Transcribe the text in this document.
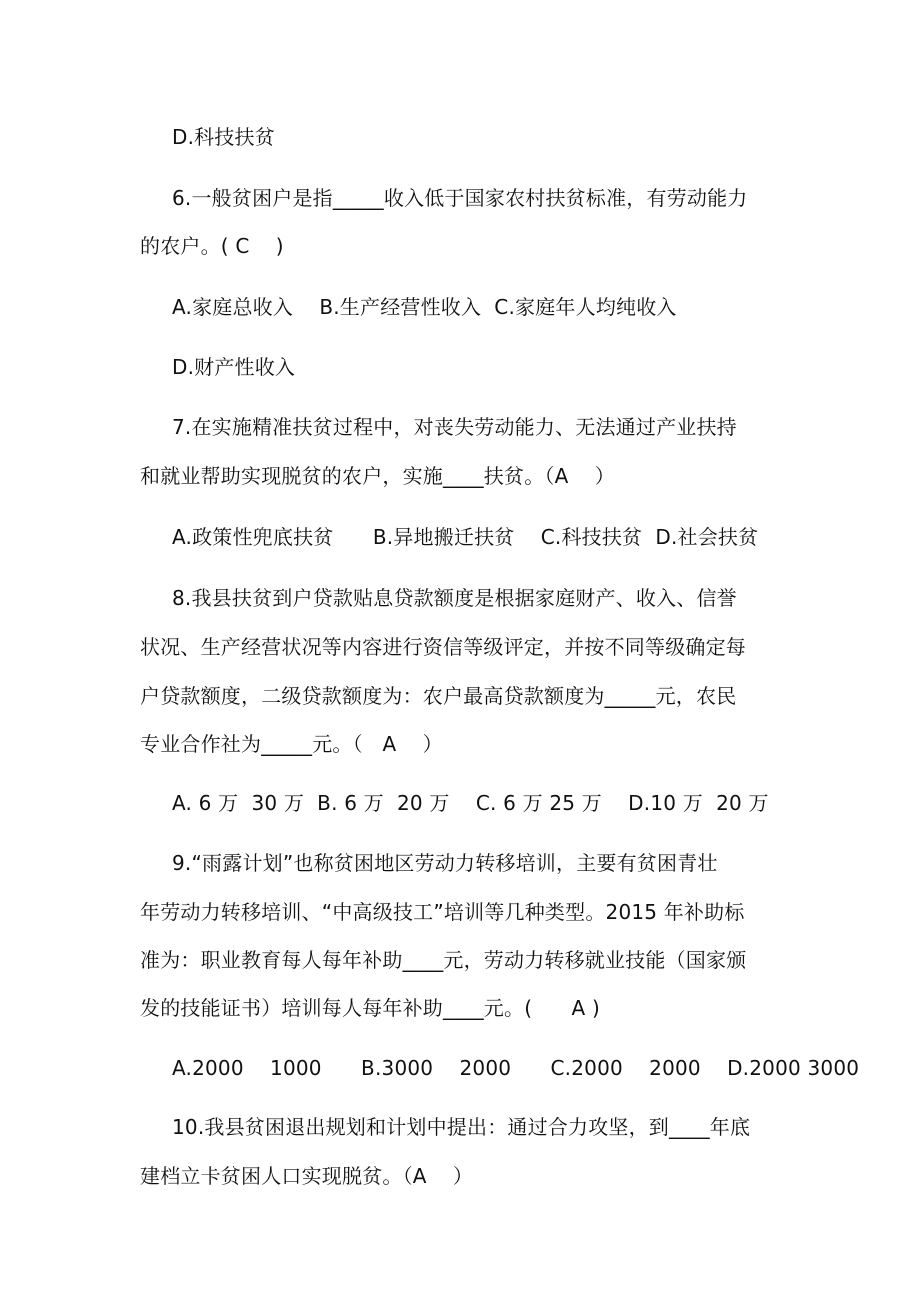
D.科技扶贫
6.一般贫困户是指_____收入低于国家农村扶贫标准，有劳动能力
的农户。( C    )
A.家庭总收入    B.生产经营性收入  C.家庭年人均纯收入
D.财产性收入
7.在实施精准扶贫过程中，对丧失劳动能力、无法通过产业扶持
和就业帮助实现脱贫的农户，实施____扶贫。（A    ）
A.政策性兜底扶贫      B.异地搬迁扶贫    C.科技扶贫  D.社会扶贫
8.我县扶贫到户贷款贴息贷款额度是根据家庭财产、收入、信誉
状况、生产经营状况等内容进行资信等级评定，并按不同等级确定每
户贷款额度，二级贷款额度为：农户最高贷款额度为_____元，农民
专业合作社为_____元。（   A    ）
A. 6 万  30 万  B. 6 万  20 万    C. 6 万 25 万    D.10 万  20 万
9.“雨露计划”也称贫困地区劳动力转移培训，主要有贫困青壮
年劳动力转移培训、“中高级技工”培训等几种类型。2015 年补助标
准为：职业教育每人每年补助____元，劳动力转移就业技能（国家颁
发的技能证书）培训每人每年补助____元。(      A )
A.2000    1000      B.3000    2000      C.2000    2000    D.2000 3000
10.我县贫困退出规划和计划中提出：通过合力攻坚，到____年底
建档立卡贫困人口实现脱贫。（A    ）
